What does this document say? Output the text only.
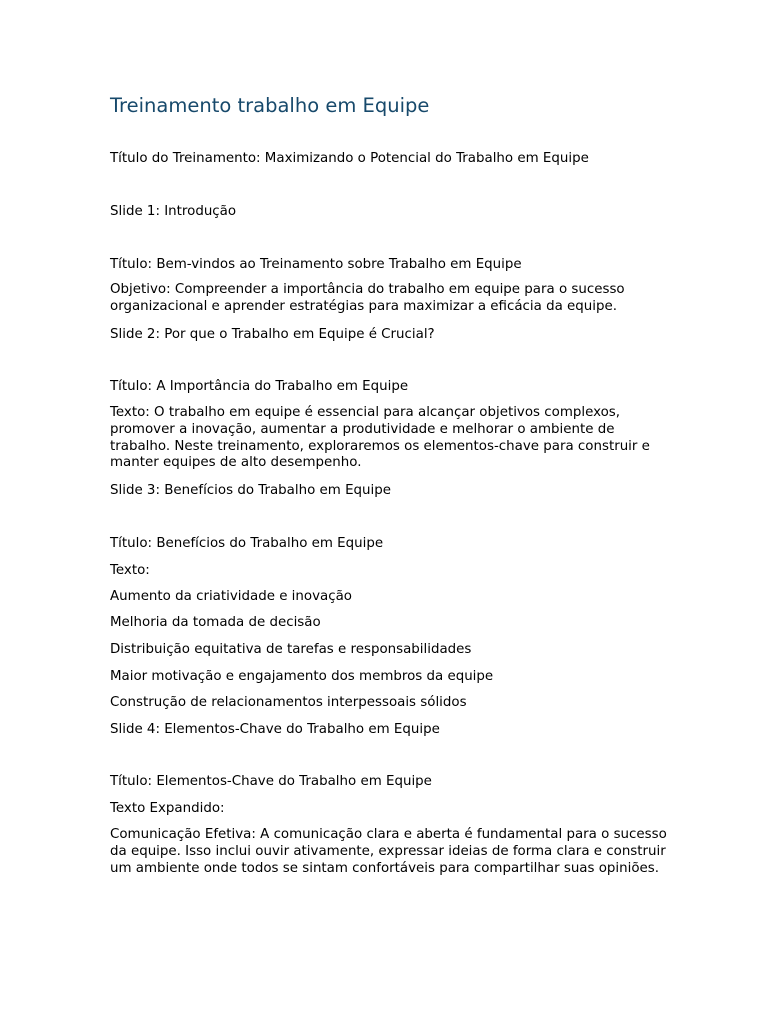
Treinamento trabalho em Equipe

Título do Treinamento: Maximizando o Potencial do Trabalho em Equipe

Slide 1: Introdução

Título: Bem-vindos ao Treinamento sobre Trabalho em Equipe

Objetivo: Compreender a importância do trabalho em equipe para o sucesso organizacional e aprender estratégias para maximizar a eficácia da equipe.

Slide 2: Por que o Trabalho em Equipe é Crucial?

Título: A Importância do Trabalho em Equipe

Texto: O trabalho em equipe é essencial para alcançar objetivos complexos, promover a inovação, aumentar a produtividade e melhorar o ambiente de trabalho. Neste treinamento, exploraremos os elementos-chave para construir e manter equipes de alto desempenho.

Slide 3: Benefícios do Trabalho em Equipe

Título: Benefícios do Trabalho em Equipe

Texto:

Aumento da criatividade e inovação

Melhoria da tomada de decisão

Distribuição equitativa de tarefas e responsabilidades

Maior motivação e engajamento dos membros da equipe

Construção de relacionamentos interpessoais sólidos

Slide 4: Elementos-Chave do Trabalho em Equipe

Título: Elementos-Chave do Trabalho em Equipe

Texto Expandido:

Comunicação Efetiva: A comunicação clara e aberta é fundamental para o sucesso da equipe. Isso inclui ouvir ativamente, expressar ideias de forma clara e construir um ambiente onde todos se sintam confortáveis para compartilhar suas opiniões.
